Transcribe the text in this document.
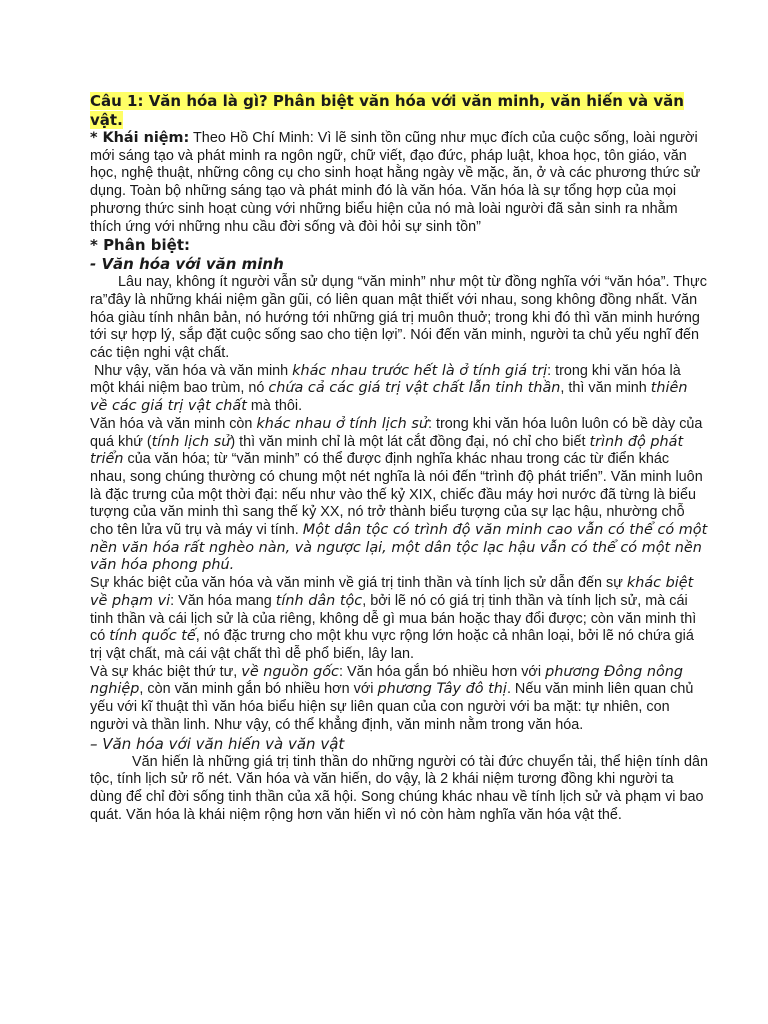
Câu 1: Văn hóa là gì? Phân biệt văn hóa với văn minh, văn hiến và văn vật.

* Khái niệm: Theo Hồ Chí Minh: Vì lẽ sinh tồn cũng như mục đích của cuộc sống, loài người mới sáng tạo và phát minh ra ngôn ngữ, chữ viết, đạo đức, pháp luật, khoa học, tôn giáo, văn học, nghệ thuật, những công cụ cho sinh hoạt hằng ngày về mặc, ăn, ở và các phương thức sử dụng. Toàn bộ những sáng tạo và phát minh đó là văn hóa. Văn hóa là sự tổng hợp của mọi phương thức sinh hoạt cùng với những biểu hiện của nó mà loài người đã sản sinh ra nhằm thích ứng với những nhu cầu đời sống và đòi hỏi sự sinh tồn”

* Phân biệt:

- Văn hóa với văn minh

Lâu nay, không ít người vẫn sử dụng “văn minh” như một từ đồng nghĩa với “văn hóa”. Thực ra”đây là những khái niệm gần gũi, có liên quan mật thiết với nhau, song không đồng nhất. Văn hóa giàu tính nhân bản, nó hướng tới những giá trị muôn thuở; trong khi đó thì văn minh hướng tới sự hợp lý, sắp đặt cuộc sống sao cho tiện lợi”. Nói đến văn minh, người ta chủ yếu nghĩ đến các tiện nghi vật chất.

Như vậy, văn hóa và văn minh khác nhau trước hết là ở tính giá trị: trong khi văn hóa là một khái niệm bao trùm, nó chứa cả các giá trị vật chất lẫn tinh thần, thì văn minh thiên về các giá trị vật chất mà thôi.

Văn hóa và văn minh còn khác nhau ở tính lịch sử: trong khi văn hóa luôn luôn có bề dày của quá khứ (tính lịch sử) thì văn minh chỉ là một lát cắt đồng đại, nó chỉ cho biết trình độ phát triển của văn hóa; từ “văn minh” có thể được định nghĩa khác nhau trong các từ điển khác nhau, song chúng thường có chung một nét nghĩa là nói đến “trình độ phát triển”. Văn minh luôn là đặc trưng của một thời đại: nếu như vào thế kỷ XIX, chiếc đầu máy hơi nước đã từng là biểu tượng của văn minh thì sang thế kỷ XX, nó trở thành biểu tượng của sự lạc hậu, nhường chỗ cho tên lửa vũ trụ và máy vi tính. Một dân tộc có trình độ văn minh cao vẫn có thể có một nền văn hóa rất nghèo nàn, và ngược lại, một dân tộc lạc hậu vẫn có thể có một nền văn hóa phong phú.

Sự khác biệt của văn hóa và văn minh về giá trị tinh thần và tính lịch sử dẫn đến sự khác biệt về phạm vi: Văn hóa mang tính dân tộc, bởi lẽ nó có giá trị tinh thần và tính lịch sử, mà cái tinh thần và cái lịch sử là của riêng, không dễ gì mua bán hoặc thay đổi được; còn văn minh thì có tính quốc tế, nó đặc trưng cho một khu vực rộng lớn hoặc cả nhân loại, bởi lẽ nó chứa giá trị vật chất, mà cái vật chất thì dễ phổ biến, lây lan.

Và sự khác biệt thứ tư, về nguồn gốc: Văn hóa gắn bó nhiều hơn với phương Đông nông nghiệp, còn văn minh gắn bó nhiều hơn với phương Tây đô thị. Nếu văn minh liên quan chủ yếu với kĩ thuật thì văn hóa biểu hiện sự liên quan của con người với ba mặt: tự nhiên, con người và thần linh. Như vậy, có thể khẳng định, văn minh nằm trong văn hóa.

– Văn hóa với văn hiến và văn vật

Văn hiến là những giá trị tinh thần do những người có tài đức chuyển tải, thể hiện tính dân tộc, tính lịch sử rõ nét. Văn hóa và văn hiến, do vậy, là 2 khái niệm tương đồng khi người ta dùng để chỉ đời sống tinh thần của xã hội. Song chúng khác nhau về tính lịch sử và phạm vi bao quát. Văn hóa là khái niệm rộng hơn văn hiến vì nó còn hàm nghĩa văn hóa vật thể.
